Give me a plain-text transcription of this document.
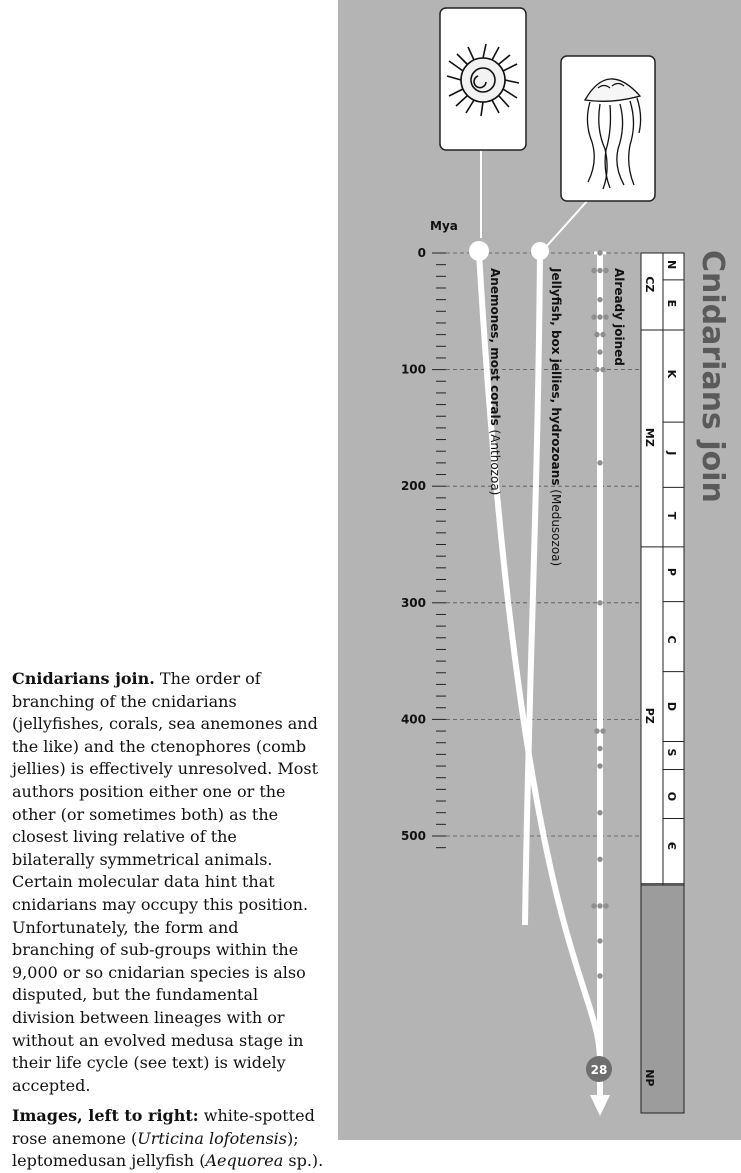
0
100
200
300
400
500
CZ
MZ
PZ
NP
N
E
K
J
T
P
C
D
S
O
Є
28
Mya
Anemones, most corals (Anthozoa)	Jellyfish, box jellies, hydrozoans (Medusozoa)
Already joined Cnidarians join

Cnidarians join. The order of branching of the cnidarians (jellyfishes, corals, sea anemones and the like) and the ctenophores (comb jellies) is effectively unresolved. Most authors position either one or the other (or sometimes both) as the closest living relative of the bilaterally symmetrical animals. Certain molecular data hint that cnidarians may occupy this position. Unfortunately, the form and branching of sub-groups within the 9,000 or so cnidarian species is also disputed, but the fundamental division between lineages with or without an evolved medusa stage in their life cycle (see text) is widely accepted.

Images, left to right: white-spotted rose anemone (Urticina lofotensis); leptomedusan jellyfish (Aequorea sp.).
